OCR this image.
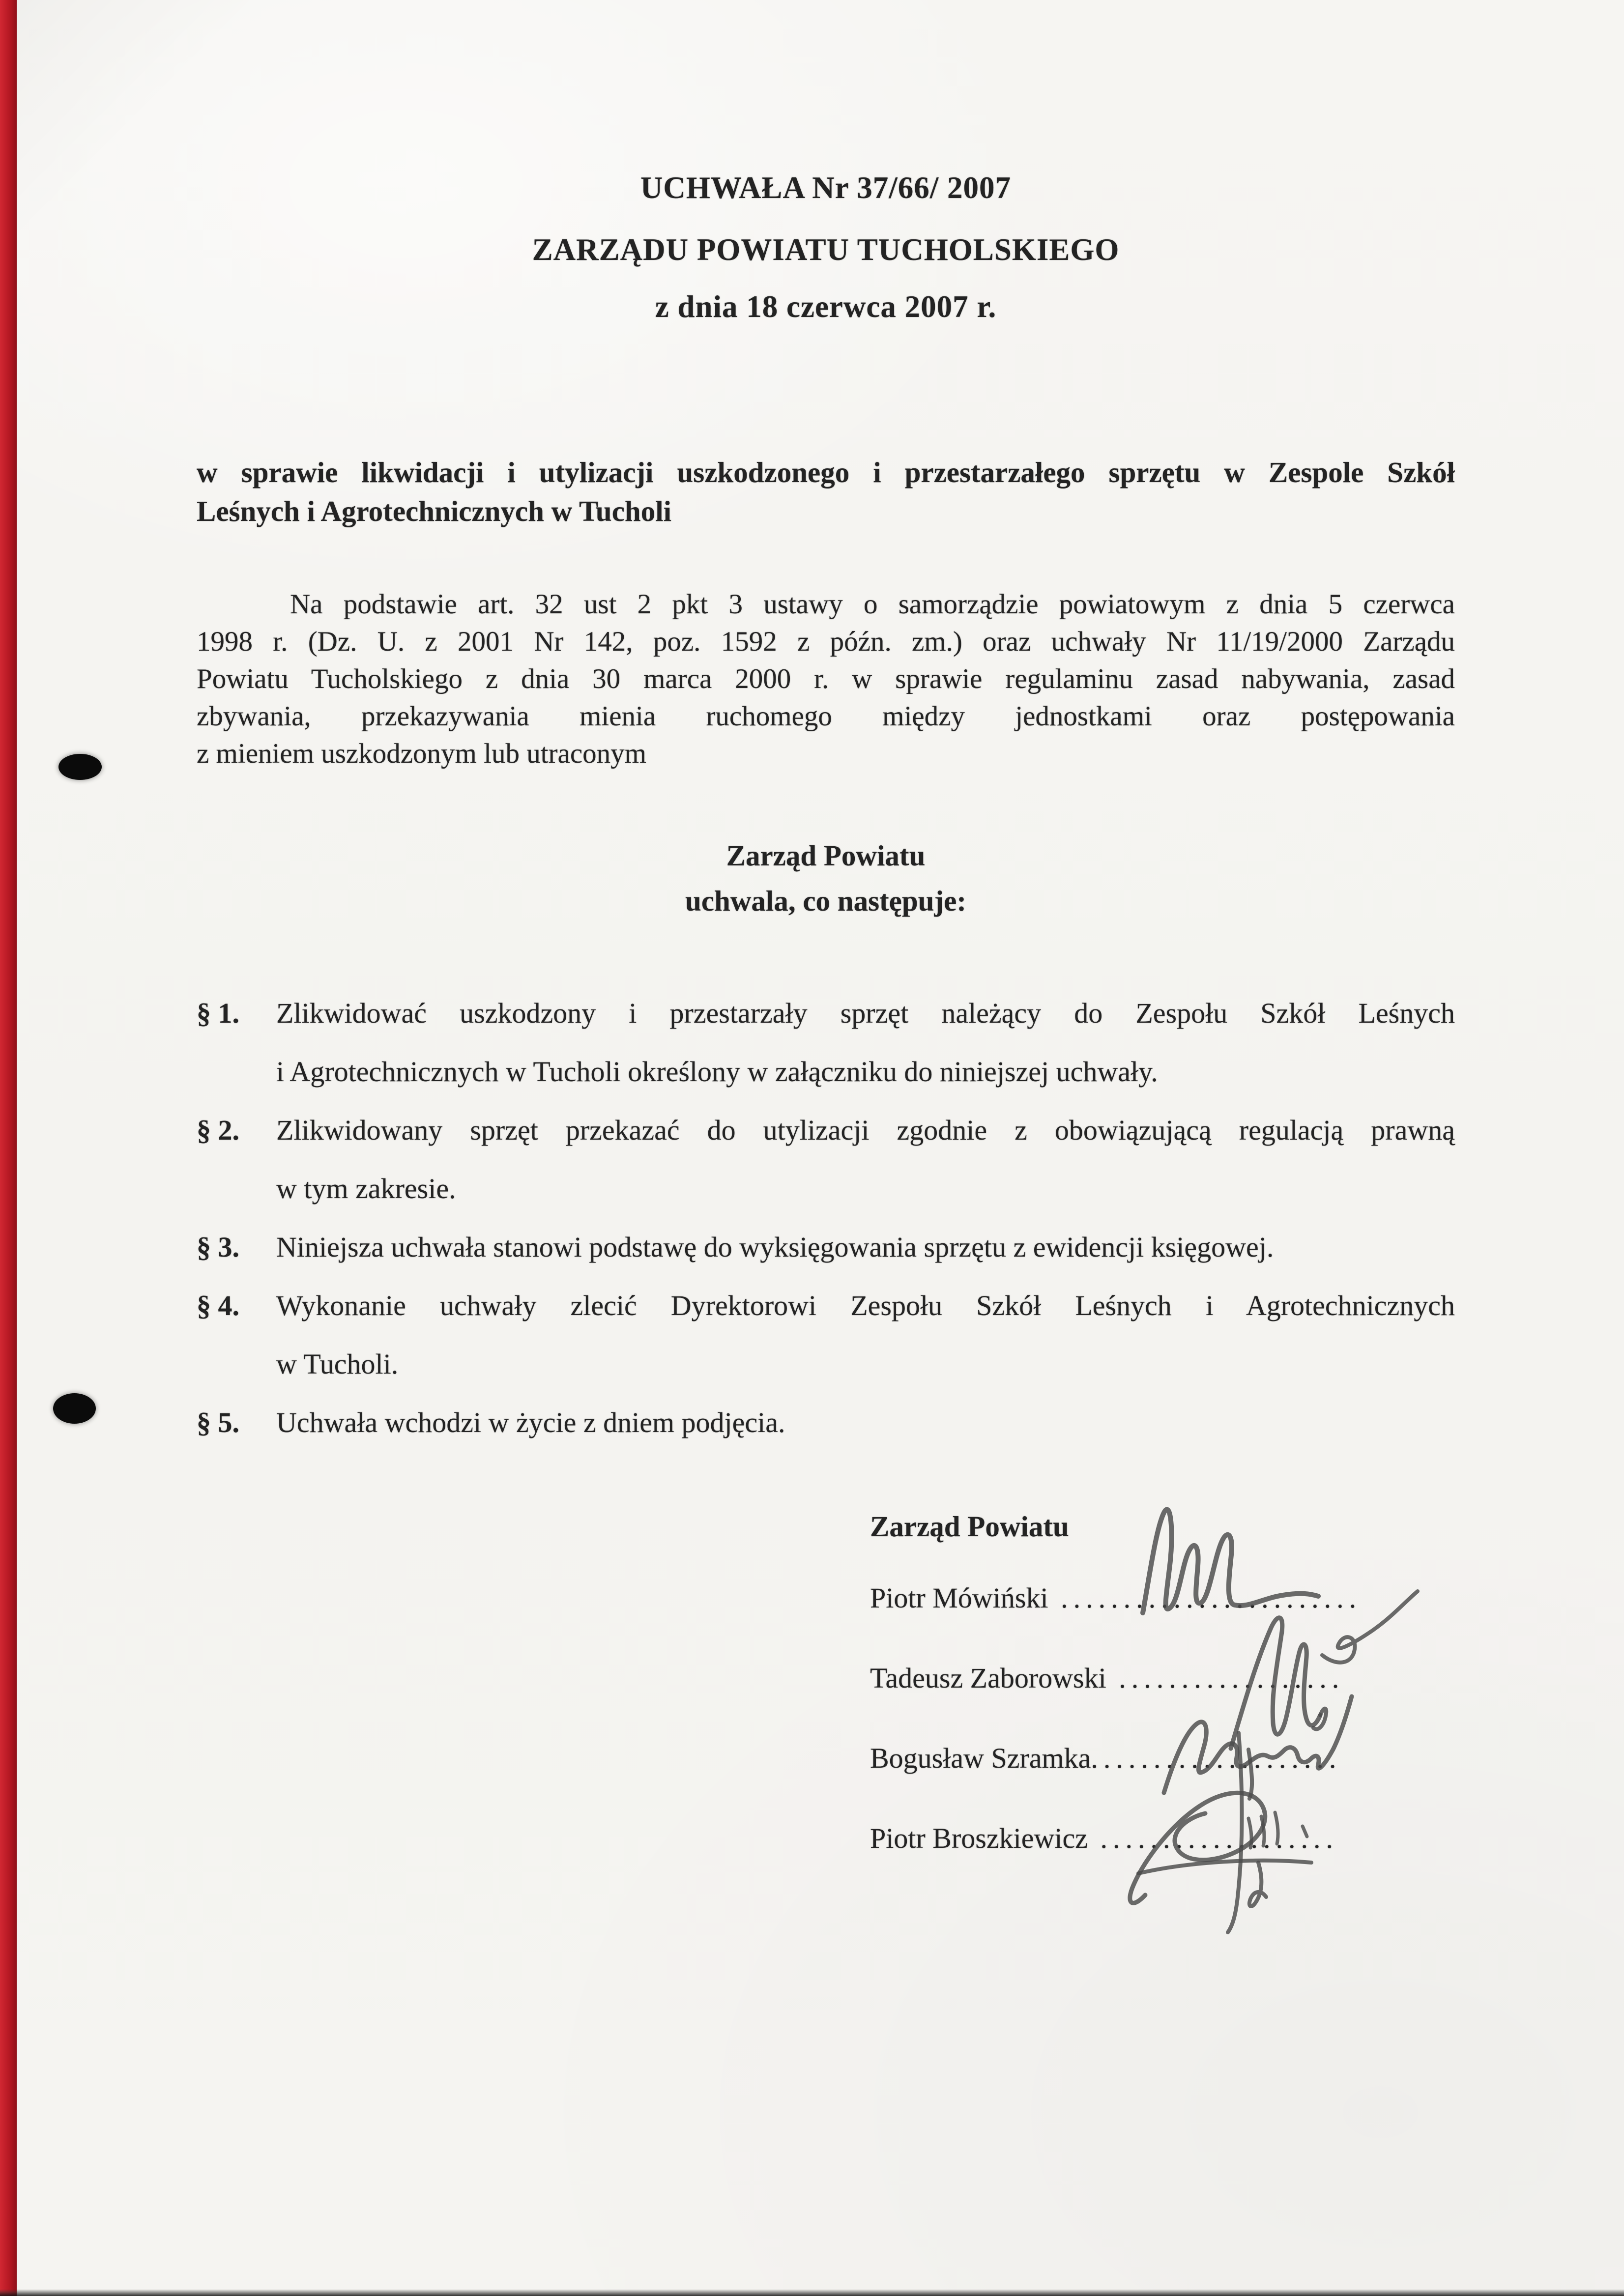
UCHWAŁA Nr 37/66/ 2007
ZARZĄDU POWIATU TUCHOLSKIEGO
z dnia 18 czerwca 2007 r.
w sprawie likwidacji i utylizacji uszkodzonego i przestarzałego sprzętu w Zespole Szkół
Leśnych i Agrotechnicznych w Tucholi
Na podstawie art. 32 ust 2 pkt 3 ustawy o samorządzie powiatowym z dnia 5 czerwca
1998 r. (Dz. U. z 2001 Nr 142, poz. 1592 z późn. zm.) oraz uchwały Nr 11/19/2000 Zarządu
Powiatu Tucholskiego z dnia 30 marca 2000 r. w sprawie regulaminu zasad nabywania, zasad
zbywania, przekazywania mienia ruchomego między jednostkami oraz postępowania
z mieniem uszkodzonym lub utraconym
Zarząd Powiatu
uchwala, co następuje:
§ 1. Zlikwidować uszkodzony i przestarzały sprzęt należący do Zespołu Szkół Leśnych
i Agrotechnicznych w Tucholi określony w załączniku do niniejszej uchwały.
§ 2. Zlikwidowany sprzęt przekazać do utylizacji zgodnie z obowiązującą regulacją prawną
w tym zakresie.
§ 3. Niniejsza uchwała stanowi podstawę do wyksięgowania sprzętu z ewidencji księgowej.
§ 4. Wykonanie uchwały zlecić Dyrektorowi Zespołu Szkół Leśnych i Agrotechnicznych
w Tucholi.
§ 5. Uchwała wchodzi w życie z dniem podjęcia.
Zarząd Powiatu
Piotr Mówiński ........................
Tadeusz Zaborowski ..................
Bogusław Szramka....................
Piotr Broszkiewicz ...................
